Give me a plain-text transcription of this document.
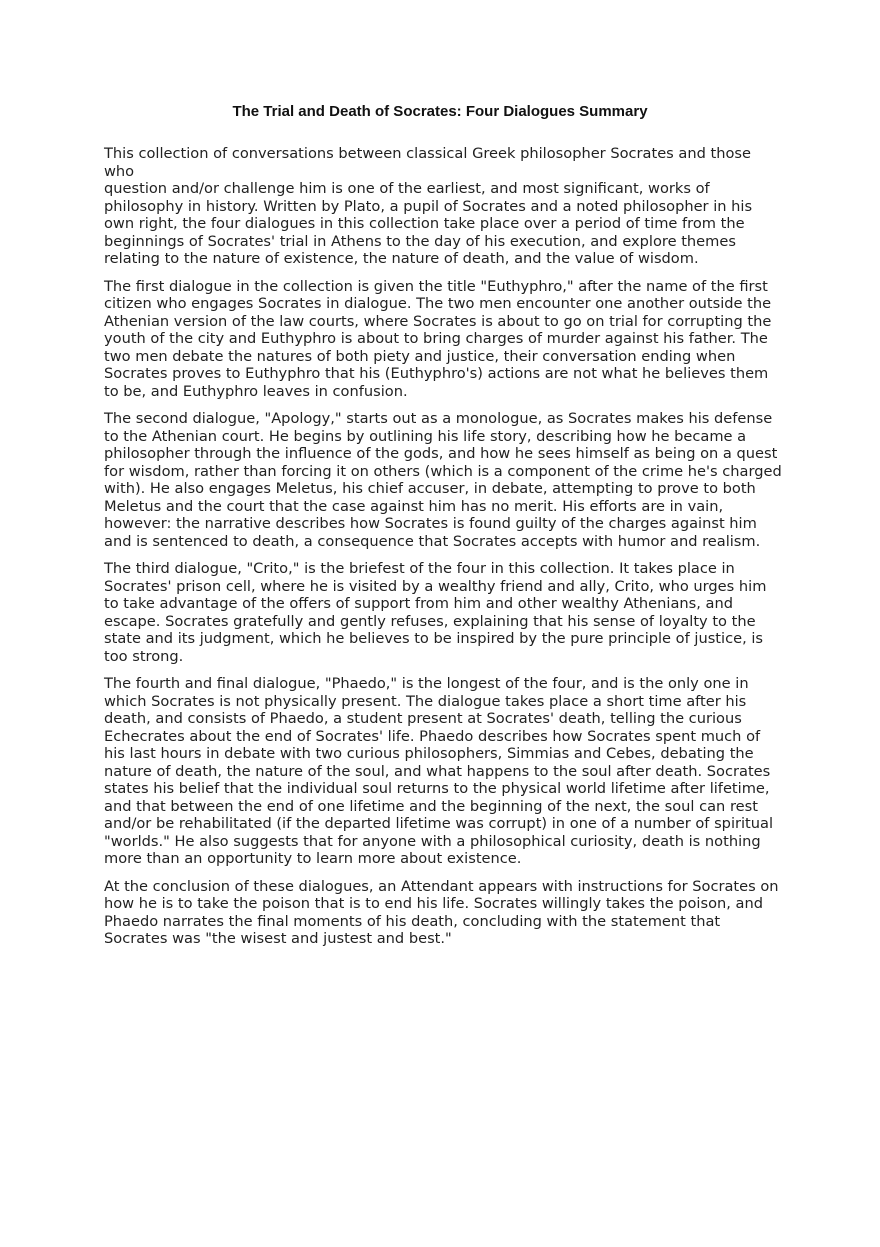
The Trial and Death of Socrates: Four Dialogues Summary

This collection of conversations between classical Greek philosopher Socrates and those who
question and/or challenge him is one of the earliest, and most significant, works of
philosophy in history. Written by Plato, a pupil of Socrates and a noted philosopher in his
own right, the four dialogues in this collection take place over a period of time from the
beginnings of Socrates' trial in Athens to the day of his execution, and explore themes
relating to the nature of existence, the nature of death, and the value of wisdom.

The first dialogue in the collection is given the title "Euthyphro," after the name of the first
citizen who engages Socrates in dialogue. The two men encounter one another outside the
Athenian version of the law courts, where Socrates is about to go on trial for corrupting the
youth of the city and Euthyphro is about to bring charges of murder against his father. The
two men debate the natures of both piety and justice, their conversation ending when
Socrates proves to Euthyphro that his (Euthyphro's) actions are not what he believes them
to be, and Euthyphro leaves in confusion.

The second dialogue, "Apology," starts out as a monologue, as Socrates makes his defense
to the Athenian court. He begins by outlining his life story, describing how he became a
philosopher through the influence of the gods, and how he sees himself as being on a quest
for wisdom, rather than forcing it on others (which is a component of the crime he's charged
with). He also engages Meletus, his chief accuser, in debate, attempting to prove to both
Meletus and the court that the case against him has no merit. His efforts are in vain,
however: the narrative describes how Socrates is found guilty of the charges against him
and is sentenced to death, a consequence that Socrates accepts with humor and realism.

The third dialogue, "Crito," is the briefest of the four in this collection. It takes place in
Socrates' prison cell, where he is visited by a wealthy friend and ally, Crito, who urges him
to take advantage of the offers of support from him and other wealthy Athenians, and
escape. Socrates gratefully and gently refuses, explaining that his sense of loyalty to the
state and its judgment, which he believes to be inspired by the pure principle of justice, is
too strong.

The fourth and final dialogue, "Phaedo," is the longest of the four, and is the only one in
which Socrates is not physically present. The dialogue takes place a short time after his
death, and consists of Phaedo, a student present at Socrates' death, telling the curious
Echecrates about the end of Socrates' life. Phaedo describes how Socrates spent much of
his last hours in debate with two curious philosophers, Simmias and Cebes, debating the
nature of death, the nature of the soul, and what happens to the soul after death. Socrates
states his belief that the individual soul returns to the physical world lifetime after lifetime,
and that between the end of one lifetime and the beginning of the next, the soul can rest
and/or be rehabilitated (if the departed lifetime was corrupt) in one of a number of spiritual
"worlds." He also suggests that for anyone with a philosophical curiosity, death is nothing
more than an opportunity to learn more about existence.

At the conclusion of these dialogues, an Attendant appears with instructions for Socrates on
how he is to take the poison that is to end his life. Socrates willingly takes the poison, and
Phaedo narrates the final moments of his death, concluding with the statement that
Socrates was "the wisest and justest and best."
